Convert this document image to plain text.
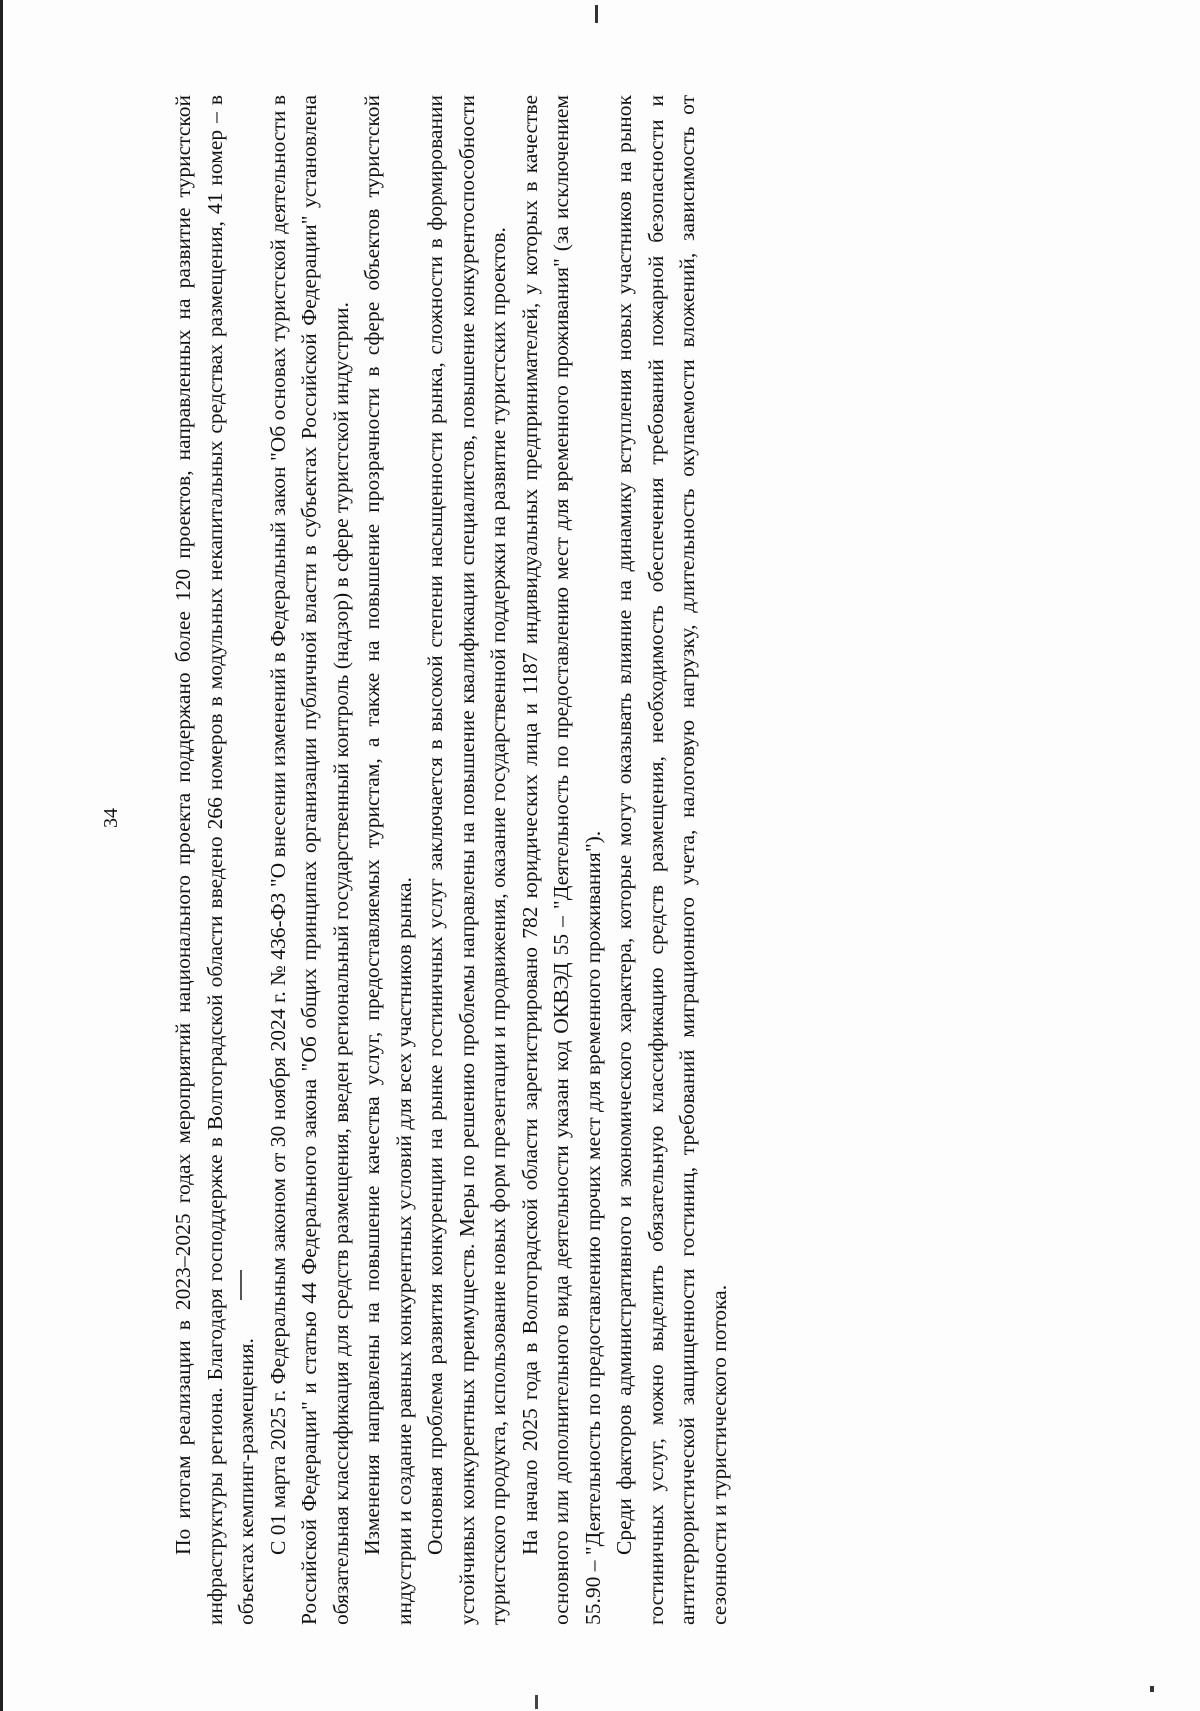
34 По итогам реализации в 2023–2025 годах мероприятий национального проекта поддержано более 120 проектов, направленных на развитие туристской инфраструктуры региона. Благодаря господдержке в Волгоградской области введено 266 номеров в модульных некапитальных средствах размещения, 41 номер – в объектах кемпинг-размещения. С 01 марта 2025 г. Федеральным законом от 30 ноября 2024 г. № 436-ФЗ "О внесении изменений в Федеральный закон "Об основах туристской деятельности в Российской Федерации" и статью 44 Федерального закона "Об общих принципах организации публичной власти в субъектах Российской Федерации" установлена обязательная классификация для средств размещения, введен региональный государственный контроль (надзор) в сфере туристской индустрии. Изменения направлены на повышение качества услуг, предоставляемых туристам, а также на повышение прозрачности в сфере объектов туристской индустрии и создание равных конкурентных условий для всех участников рынка. Основная проблема развития конкуренции на рынке гостиничных услуг заключается в высокой степени насыщенности рынка, сложности в формировании устойчивых конкурентных преимуществ. Меры по решению проблемы направлены на повышение квалификации специалистов, повышение конкурентоспособности туристского продукта, использование новых форм презентации и продвижения, оказание государственной поддержки на развитие туристских проектов. На начало 2025 года в Волгоградской области зарегистрировано 782 юридических лица и 1187 индивидуальных предпринимателей, у которых в качестве основного или дополнительного вида деятельности указан код ОКВЭД 55 – "Деятельность по предоставлению мест для временного проживания" (за исключением 55.90 – "Деятельность по предоставлению прочих мест для временного проживания"). Среди факторов административного и экономического характера, которые могут оказывать влияние на динамику вступления новых участников на рынок гостиничных услуг, можно выделить обязательную классификацию средств размещения, необходимость обеспечения требований пожарной безопасности и антитеррористической защищенности гостиниц, требований миграционного учета, налоговую нагрузку, длительность окупаемости вложений, зависимость от сезонности и туристического потока.
